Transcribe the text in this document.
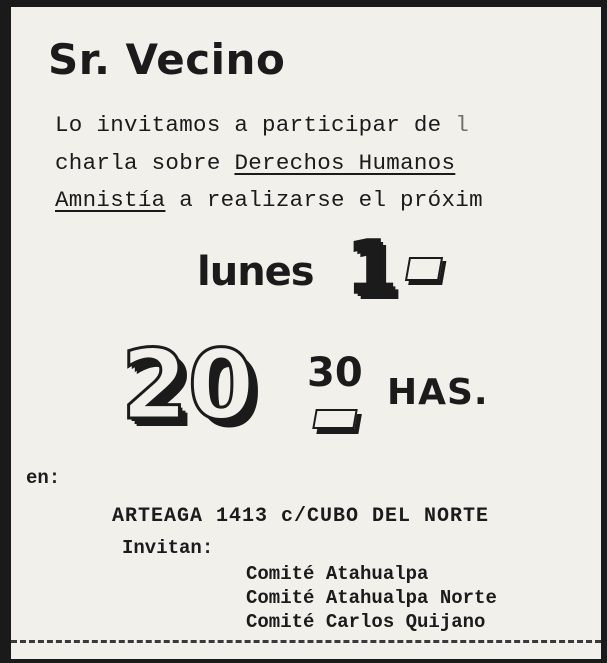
Sr. Vecino
Lo invitamos a participar de l
charla sobre Derechos Humanos
Amnistía a realizarse el próxim
lunes 1
20 30 HAS.
en:
ARTEAGA 1413 c/CUBO DEL NORTE
Invitan:
Comité Atahualpa
Comité Atahualpa Norte
Comité Carlos Quijano
